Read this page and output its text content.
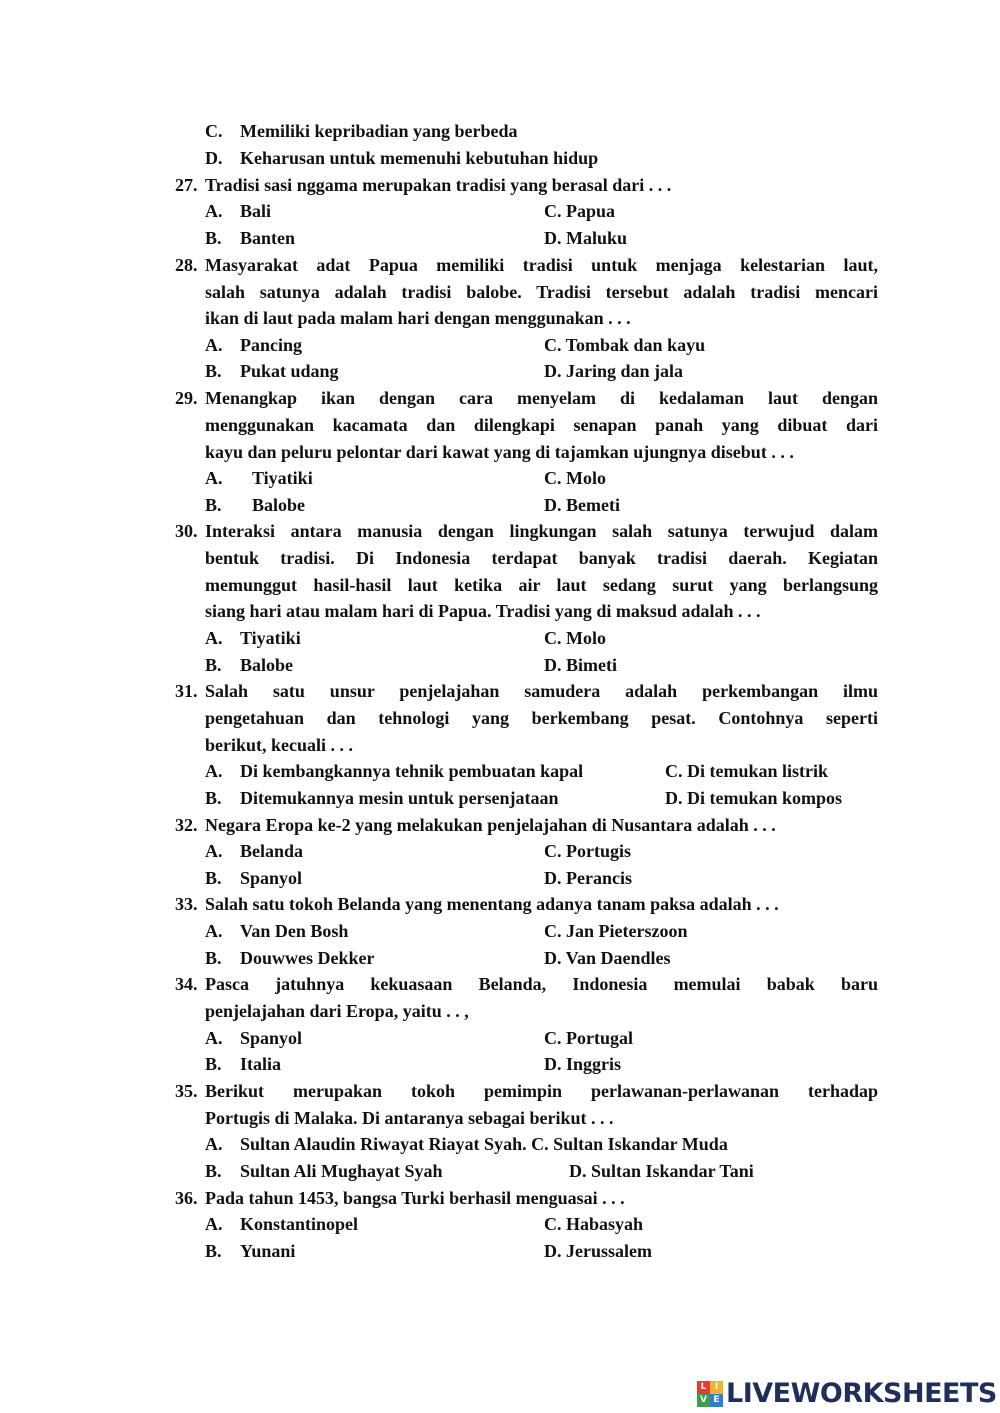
C. Memiliki kepribadian yang berbeda
D. Keharusan untuk memenuhi kebutuhan hidup
27. Tradisi sasi nggama merupakan tradisi yang berasal dari . . .
A. Bali	C. Papua
B. Banten	D. Maluku
28. Masyarakat adat Papua memiliki tradisi untuk menjaga kelestarian laut,
salah satunya adalah tradisi balobe. Tradisi tersebut adalah tradisi mencari
ikan di laut pada malam hari dengan menggunakan . . .
A. Pancing	C. Tombak dan kayu
B. Pukat udang	D. Jaring dan jala
29. Menangkap ikan dengan cara menyelam di kedalaman laut dengan
menggunakan kacamata dan dilengkapi senapan panah yang dibuat dari
kayu dan peluru pelontar dari kawat yang di tajamkan ujungnya disebut . . .
A. Tiyatiki	C. Molo
B. Balobe	D. Bemeti
30. Interaksi antara manusia dengan lingkungan salah satunya terwujud dalam
bentuk tradisi. Di Indonesia terdapat banyak tradisi daerah. Kegiatan
memunggut hasil-hasil laut ketika air laut sedang surut yang berlangsung
siang hari atau malam hari di Papua. Tradisi yang di maksud adalah . . .
A. Tiyatiki	C. Molo
B. Balobe	D. Bimeti
31. Salah satu unsur penjelajahan samudera adalah perkembangan ilmu
pengetahuan dan tehnologi yang berkembang pesat. Contohnya seperti
berikut, kecuali . . .
A. Di kembangkannya tehnik pembuatan kapal	C. Di temukan listrik
B. Ditemukannya mesin untuk persenjataan	D. Di temukan kompos
32. Negara Eropa ke-2 yang melakukan penjelajahan di Nusantara adalah . . .
A. Belanda	C. Portugis
B. Spanyol	D. Perancis
33. Salah satu tokoh Belanda yang menentang adanya tanam paksa adalah . . .
A. Van Den Bosh	C. Jan Pieterszoon
B. Douwwes Dekker	D. Van Daendles
34. Pasca jatuhnya kekuasaan Belanda, Indonesia memulai babak baru
penjelajahan dari Eropa, yaitu . . ,
A. Spanyol	C. Portugal
B. Italia	D. Inggris
35. Berikut merupakan tokoh pemimpin perlawanan-perlawanan terhadap
Portugis di Malaka. Di antaranya sebagai berikut . . .
A. Sultan Alaudin Riwayat Riayat Syah. C. Sultan Iskandar Muda
B. Sultan Ali Mughayat Syah	D. Sultan Iskandar Tani
36. Pada tahun 1453, bangsa Turki berhasil menguasai . . .
A. Konstantinopel	C. Habasyah
B. Yunani	D. Jerussalem
L I
V E LIVEWORKSHEETS
